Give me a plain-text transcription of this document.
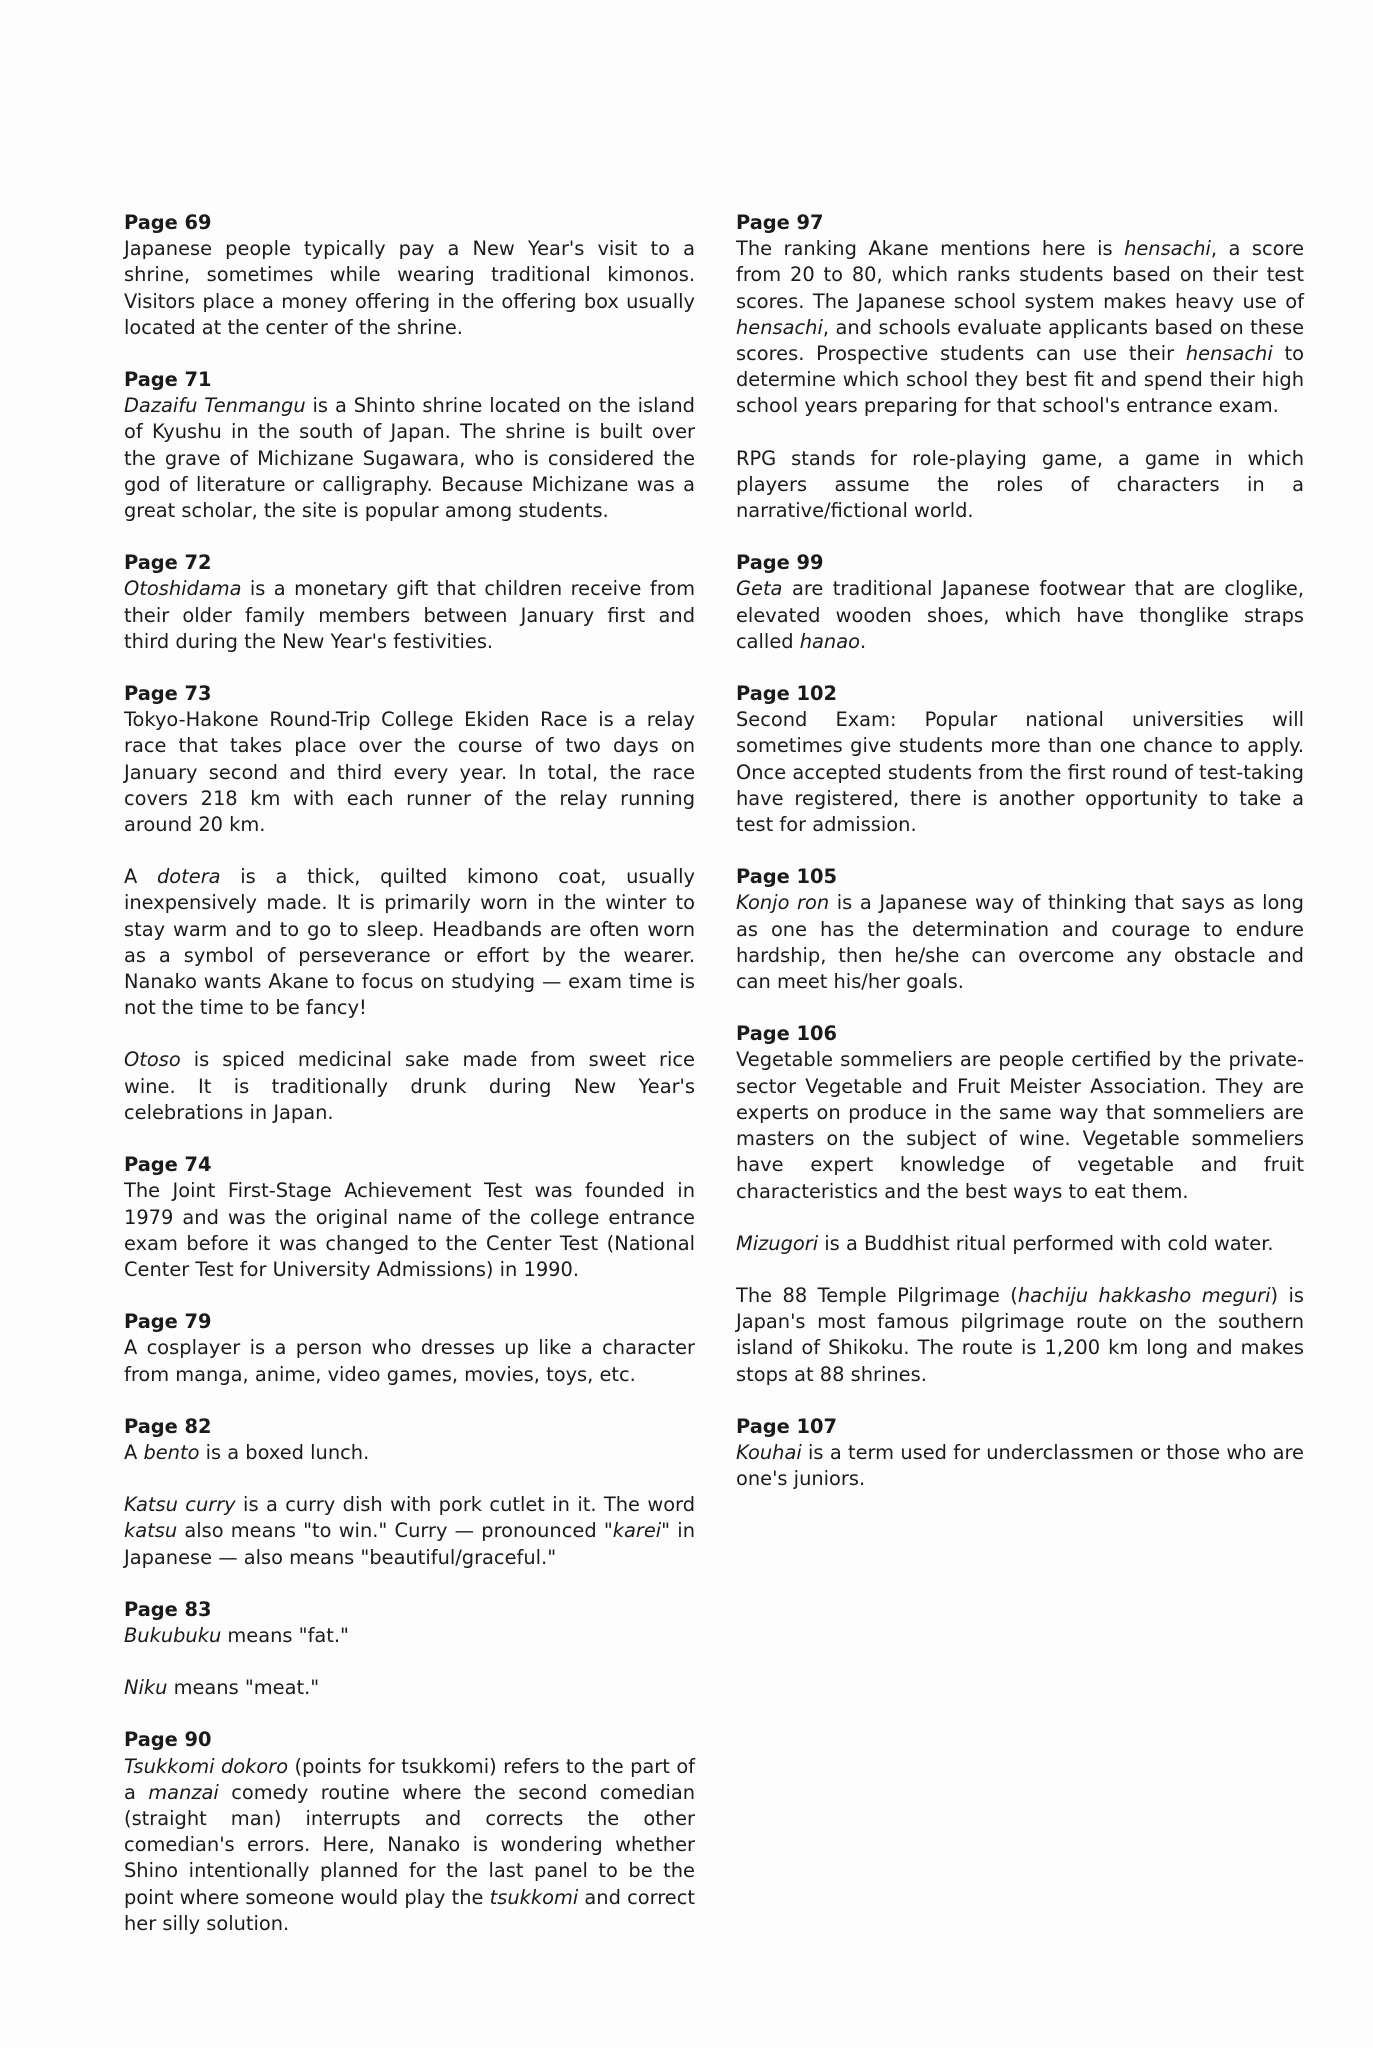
Page 69

Japanese people typically pay a New Year's visit to a shrine, sometimes while wearing traditional kimonos. Visitors place a money offering in the offering box usually located at the center of the shrine.

Page 71

Dazaifu Tenmangu is a Shinto shrine located on the island of Kyushu in the south of Japan. The shrine is built over the grave of Michizane Sugawara, who is considered the god of literature or calligraphy. Because Michizane was a great scholar, the site is popular among students.

Page 72

Otoshidama is a monetary gift that children receive from their older family members between January first and third during the New Year's festivities.

Page 73

Tokyo-Hakone Round-Trip College Ekiden Race is a relay race that takes place over the course of two days on January second and third every year. In total, the race covers 218 km with each runner of the relay running around 20 km.

A dotera is a thick, quilted kimono coat, usually inexpensively made. It is primarily worn in the winter to stay warm and to go to sleep. Headbands are often worn as a symbol of perseverance or effort by the wearer. Nanako wants Akane to focus on studying — exam time is not the time to be fancy!

Otoso is spiced medicinal sake made from sweet rice wine. It is traditionally drunk during New Year's celebrations in Japan.

Page 74

The Joint First-Stage Achievement Test was founded in 1979 and was the original name of the college entrance exam before it was changed to the Center Test (National Center Test for University Admissions) in 1990.

Page 79

A cosplayer is a person who dresses up like a character from manga, anime, video games, movies, toys, etc.

Page 82

A bento is a boxed lunch.

Katsu curry is a curry dish with pork cutlet in it. The word katsu also means "to win." Curry — pronounced "karei" in Japanese — also means "beautiful/graceful."

Page 83

Bukubuku means "fat."

Niku means "meat."

Page 90

Tsukkomi dokoro (points for tsukkomi) refers to the part of a manzai comedy routine where the second comedian (straight man) interrupts and corrects the other comedian's errors. Here, Nanako is wondering whether Shino intentionally planned for the last panel to be the point where someone would play the tsukkomi and correct her silly solution.

Page 97

The ranking Akane mentions here is hensachi, a score from 20 to 80, which ranks students based on their test scores. The Japanese school system makes heavy use of hensachi, and schools evaluate applicants based on these scores. Prospective students can use their hensachi to determine which school they best fit and spend their high school years preparing for that school's entrance exam.

RPG stands for role-playing game, a game in which players assume the roles of characters in a narrative/fictional world.

Page 99

Geta are traditional Japanese footwear that are cloglike, elevated wooden shoes, which have thonglike straps called hanao.

Page 102

Second Exam: Popular national universities will sometimes give students more than one chance to apply. Once accepted students from the first round of test-taking have registered, there is another opportunity to take a test for admission.

Page 105

Konjo ron is a Japanese way of thinking that says as long as one has the determination and courage to endure hardship, then he/she can overcome any obstacle and can meet his/her goals.

Page 106

Vegetable sommeliers are people certified by the private-sector Vegetable and Fruit Meister Association. They are experts on produce in the same way that sommeliers are masters on the subject of wine. Vegetable sommeliers have expert knowledge of vegetable and fruit characteristics and the best ways to eat them.

Mizugori is a Buddhist ritual performed with cold water.

The 88 Temple Pilgrimage (hachiju hakkasho meguri) is Japan's most famous pilgrimage route on the southern island of Shikoku. The route is 1,200 km long and makes stops at 88 shrines.

Page 107

Kouhai is a term used for underclassmen or those who are one's juniors.
